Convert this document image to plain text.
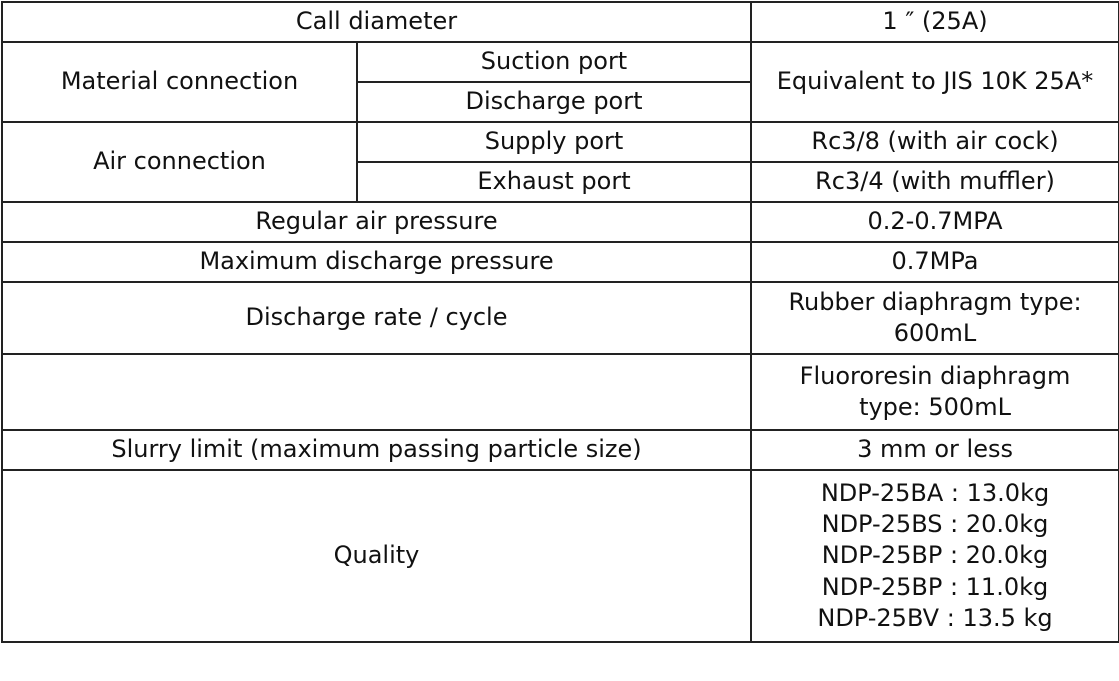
Call diameter		1 ″ (25A)
Material connection	Suction port	Equivalent to JIS 10K 25A*
	Discharge port	
Air connection	Supply port	Rc3/8 (with air cock)
	Exhaust port	Rc3/4 (with muffler)
Regular air pressure		0.2-0.7MPA
Maximum discharge pressure		0.7MPa
Discharge rate / cycle		Rubber diaphragm type:
600mL

		Fluororesin diaphragm
type: 500mL

Slurry limit (maximum passing particle size)		3 mm or less
Quality		NDP-25BA : 13.0kg
NDP-25BS : 20.0kg
NDP-25BP : 20.0kg
NDP-25BP : 11.0kg
NDP-25BV : 13.5 kg
